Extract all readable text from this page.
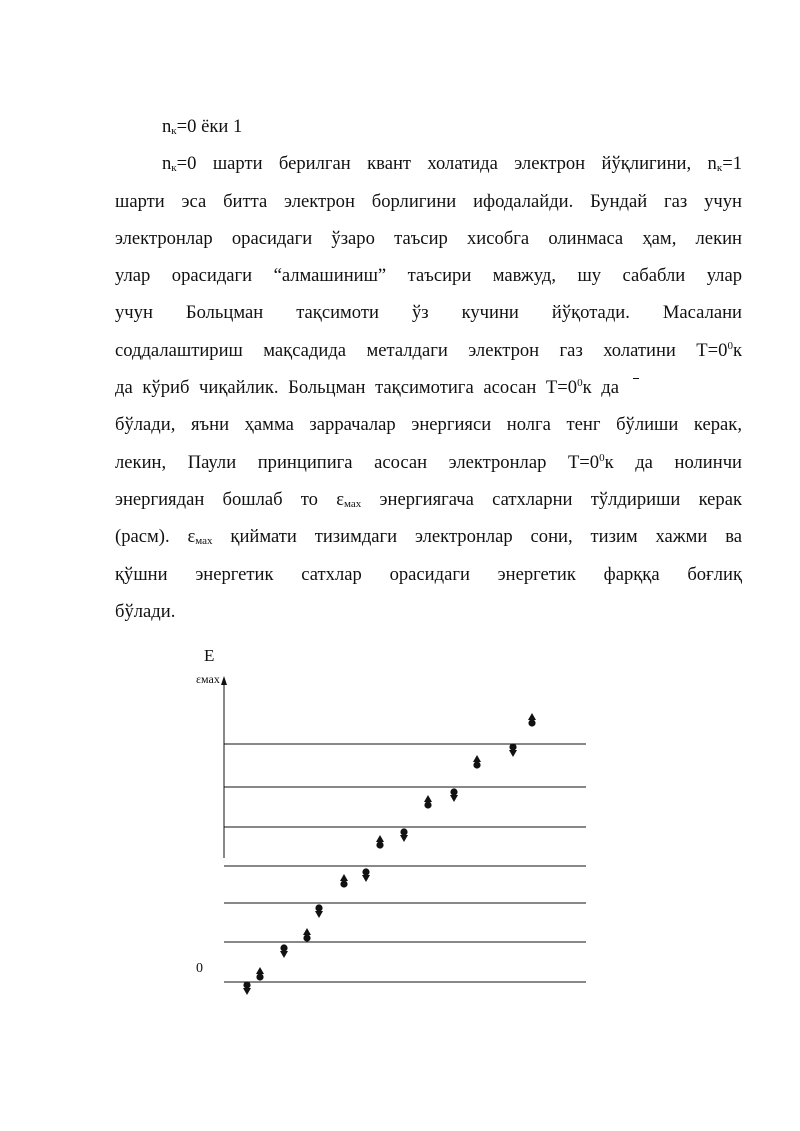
$n_к=0$ ёки 1
$n_к=0$ шарти берилган квант холатида электрон йўқлигини, $n_к=1$
шарти эса битта электрон борлигини ифодалайди. Бундай газ учун
электронлар орасидаги ўзаро таъсир хисобга олинмаса ҳам, лекин
улар орасидаги “алмашиниш” таъсири мавжуд, шу сабабли улар
учун Больцман тақсимоти ўз кучини йўқотади. Масалани
соддалаштириш мақсадида металдаги электрон газ холатини $Т=0^0к$
да кўриб чиқайлик. Больцман тақсимотига асосан $Т=0^0к$ да
бўлади, яъни ҳамма заррачалар энергияси нолга тенг бўлиши керак,
лекин, Паули принципига асосан электронлар $Т=0^0к$ да нолинчи
энергиядан бошлаб то $\varepsilon_{мах}$ энергиягача сатхларни тўлдириши керак
(расм). $\varepsilon_{мах}$ қиймати тизимдаги электронлар сони, тизим хажми ва
қўшни энергетик сатхлар орасидаги энергетик фарққа боғлиқ
бўлади.
E
εмах
0
